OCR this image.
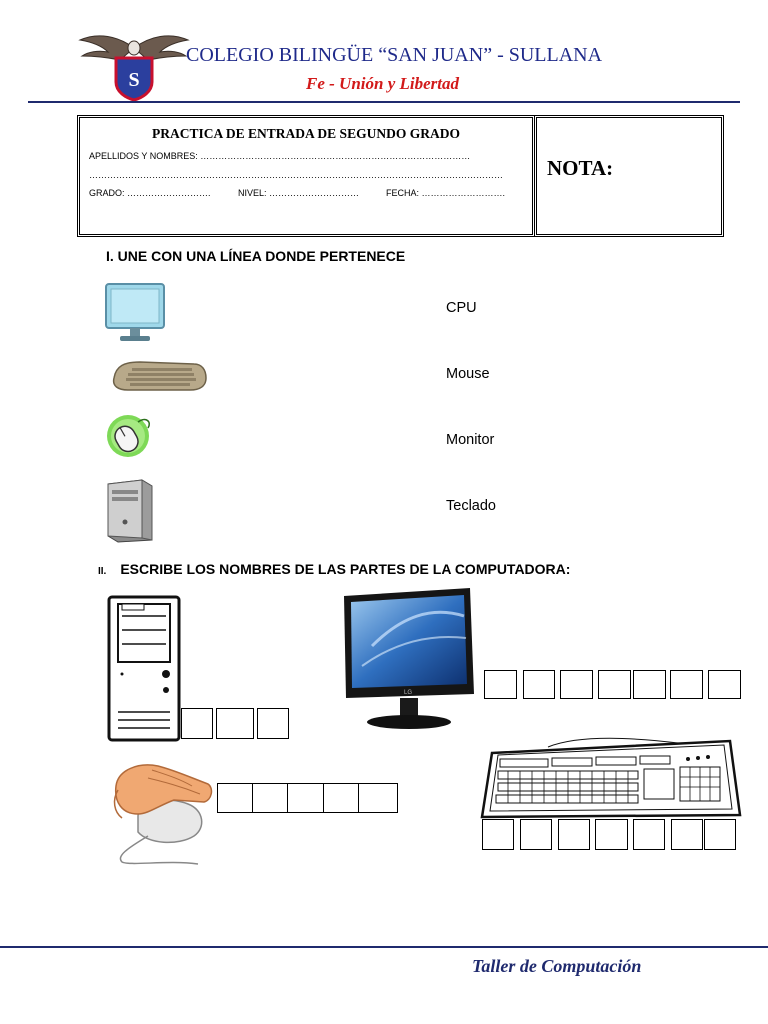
S
COLEGIO BILINGÜE “SAN JUAN” - SULLANA
Fe - Unión y Libertad
PRACTICA DE ENTRADA DE SEGUNDO GRADO
APELLIDOS Y NOMBRES: ………………………………………………………………………………
…………………………………………………………………………………………………………………………
GRADO: ……………………….	NIVEL: …………………………	FECHA: ……………………….
NOTA:
I. UNE CON UNA LÍNEA DONDE PERTENECE
CPU
Mouse
Monitor
Teclado
II. ESCRIBE LOS NOMBRES DE LAS PARTES DE LA COMPUTADORA:
LG
Taller de Computación
